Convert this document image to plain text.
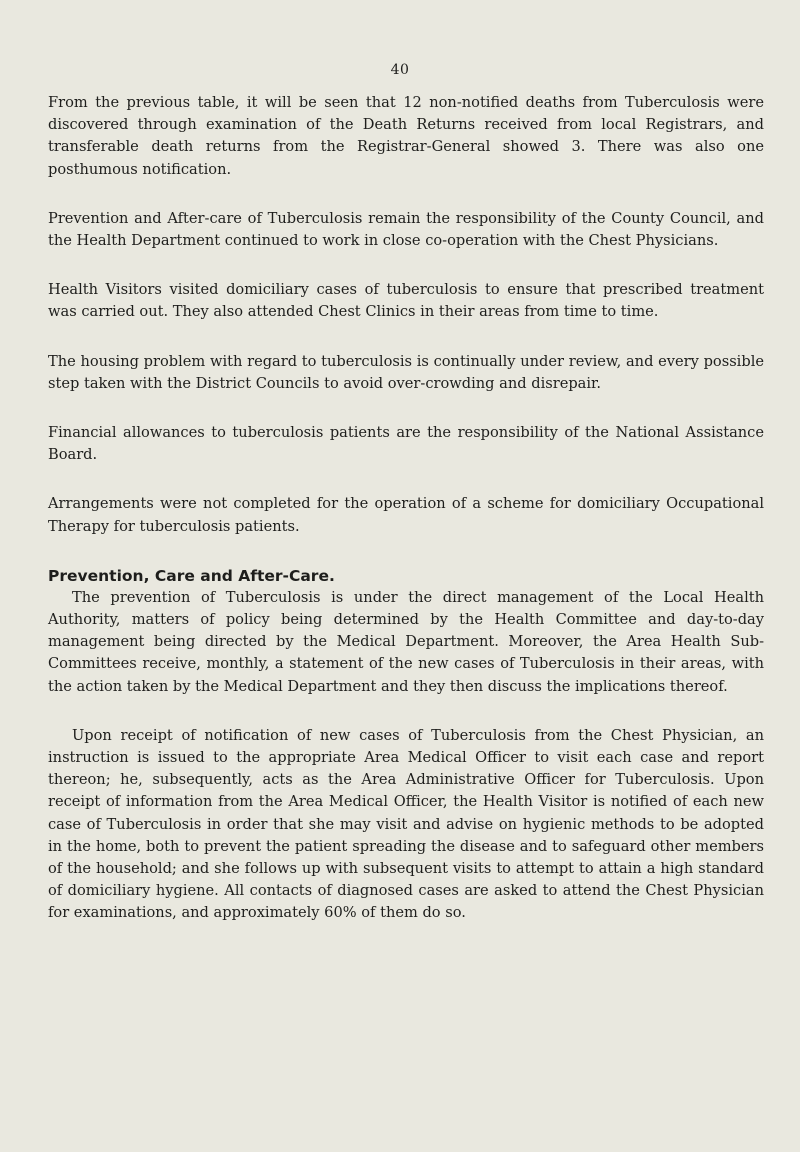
40

From the previous table, it will be seen that 12 non-notified deaths from Tuberculosis were discovered through examination of the Death Returns received from local Registrars, and transferable death returns from the Registrar-General showed 3. There was also one posthumous notification.

Prevention and After-care of Tuberculosis remain the responsibility of the County Council, and the Health Department continued to work in close co-operation with the Chest Physicians.

Health Visitors visited domiciliary cases of tuberculosis to ensure that prescribed treatment was carried out. They also attended Chest Clinics in their areas from time to time.

The housing problem with regard to tuberculosis is continually under review, and every possible step taken with the District Councils to avoid over-crowding and disrepair.

Financial allowances to tuberculosis patients are the responsibility of the National Assistance Board.

Arrangements were not completed for the operation of a scheme for domiciliary Occupational Therapy for tuberculosis patients.

Prevention, Care and After-Care.

The prevention of Tuberculosis is under the direct management of the Local Health Authority, matters of policy being determined by the Health Committee and day-to-day management being directed by the Medical Department. Moreover, the Area Health Sub-Committees receive, monthly, a statement of the new cases of Tuberculosis in their areas, with the action taken by the Medical Department and they then discuss the implications thereof.

Upon receipt of notification of new cases of Tuberculosis from the Chest Physician, an instruction is issued to the appropriate Area Medical Officer to visit each case and report thereon; he, subsequently, acts as the Area Administrative Officer for Tuberculosis. Upon receipt of information from the Area Medical Officer, the Health Visitor is notified of each new case of Tuberculosis in order that she may visit and advise on hygienic methods to be adopted in the home, both to prevent the patient spreading the disease and to safeguard other members of the household; and she follows up with subsequent visits to attempt to attain a high standard of domiciliary hygiene. All contacts of diagnosed cases are asked to attend the Chest Physician for examinations, and approximately 60% of them do so.
